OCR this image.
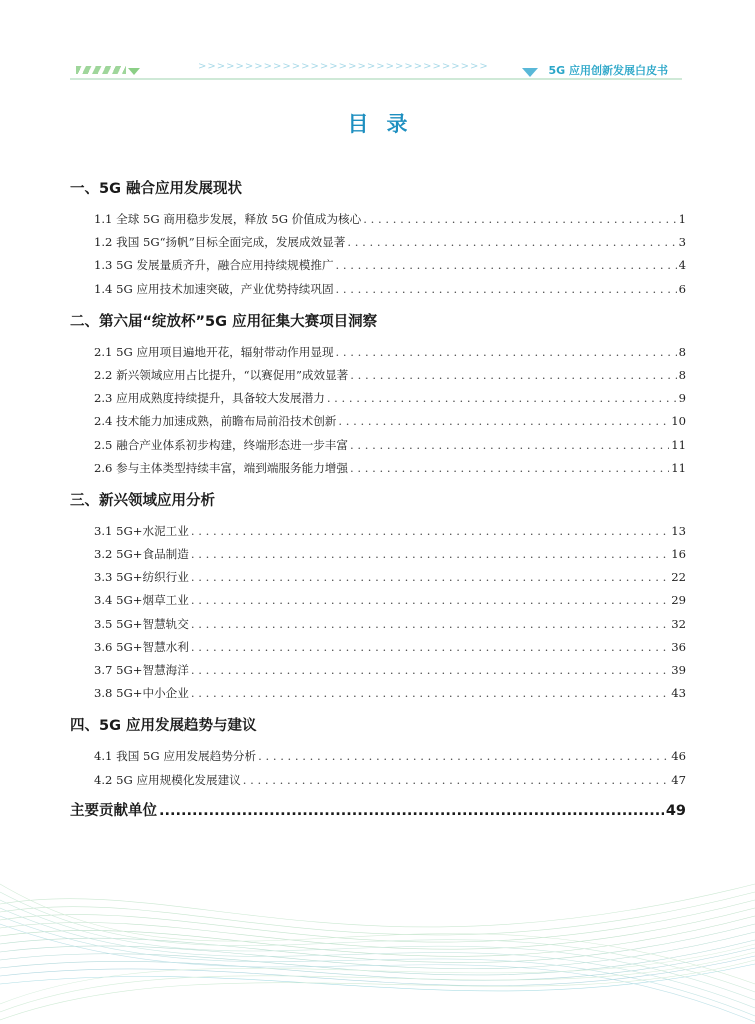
>>>>>>>>>>>>>>>>>>>>>>>>>>>>>>>	5G 应用创新发展白皮书
目录
一、5G 融合应用发展现状
1.1 全球 5G 商用稳步发展，释放 5G 价值成为核心 . . .	1
1.2 我国 5G“扬帆”目标全面完成，发展成效显著 . . .	3
1.3 5G 发展量质齐升，融合应用持续规模推广 . . .	4
1.4 5G 应用技术加速突破，产业优势持续巩固 . . .	6
二、第六届“绽放杯”5G 应用征集大赛项目洞察
2.1 5G 应用项目遍地开花，辐射带动作用显现 . . .	8
2.2 新兴领域应用占比提升，“以赛促用”成效显著 . . .	8
2.3 应用成熟度持续提升，具备较大发展潜力 . . .	9
2.4 技术能力加速成熟，前瞻布局前沿技术创新 . . .	10
2.5 融合产业体系初步构建，终端形态进一步丰富 . . .	11
2.6 参与主体类型持续丰富，端到端服务能力增强 . . .	11
三、新兴领域应用分析
3.1 5G+水泥工业 . . .	13
3.2 5G+食品制造 . . .	16
3.3 5G+纺织行业 . . .	22
3.4 5G+烟草工业 . . .	29
3.5 5G+智慧轨交 . . .	32
3.6 5G+智慧水利 . . .	36
3.7 5G+智慧海洋 . . .	39
3.8 5G+中小企业 . . .	43
四、5G 应用发展趋势与建议
4.1 我国 5G 应用发展趋势分析 . . .	46
4.2 5G 应用规模化发展建议 . . .	47
主要贡献单位 .....	49
